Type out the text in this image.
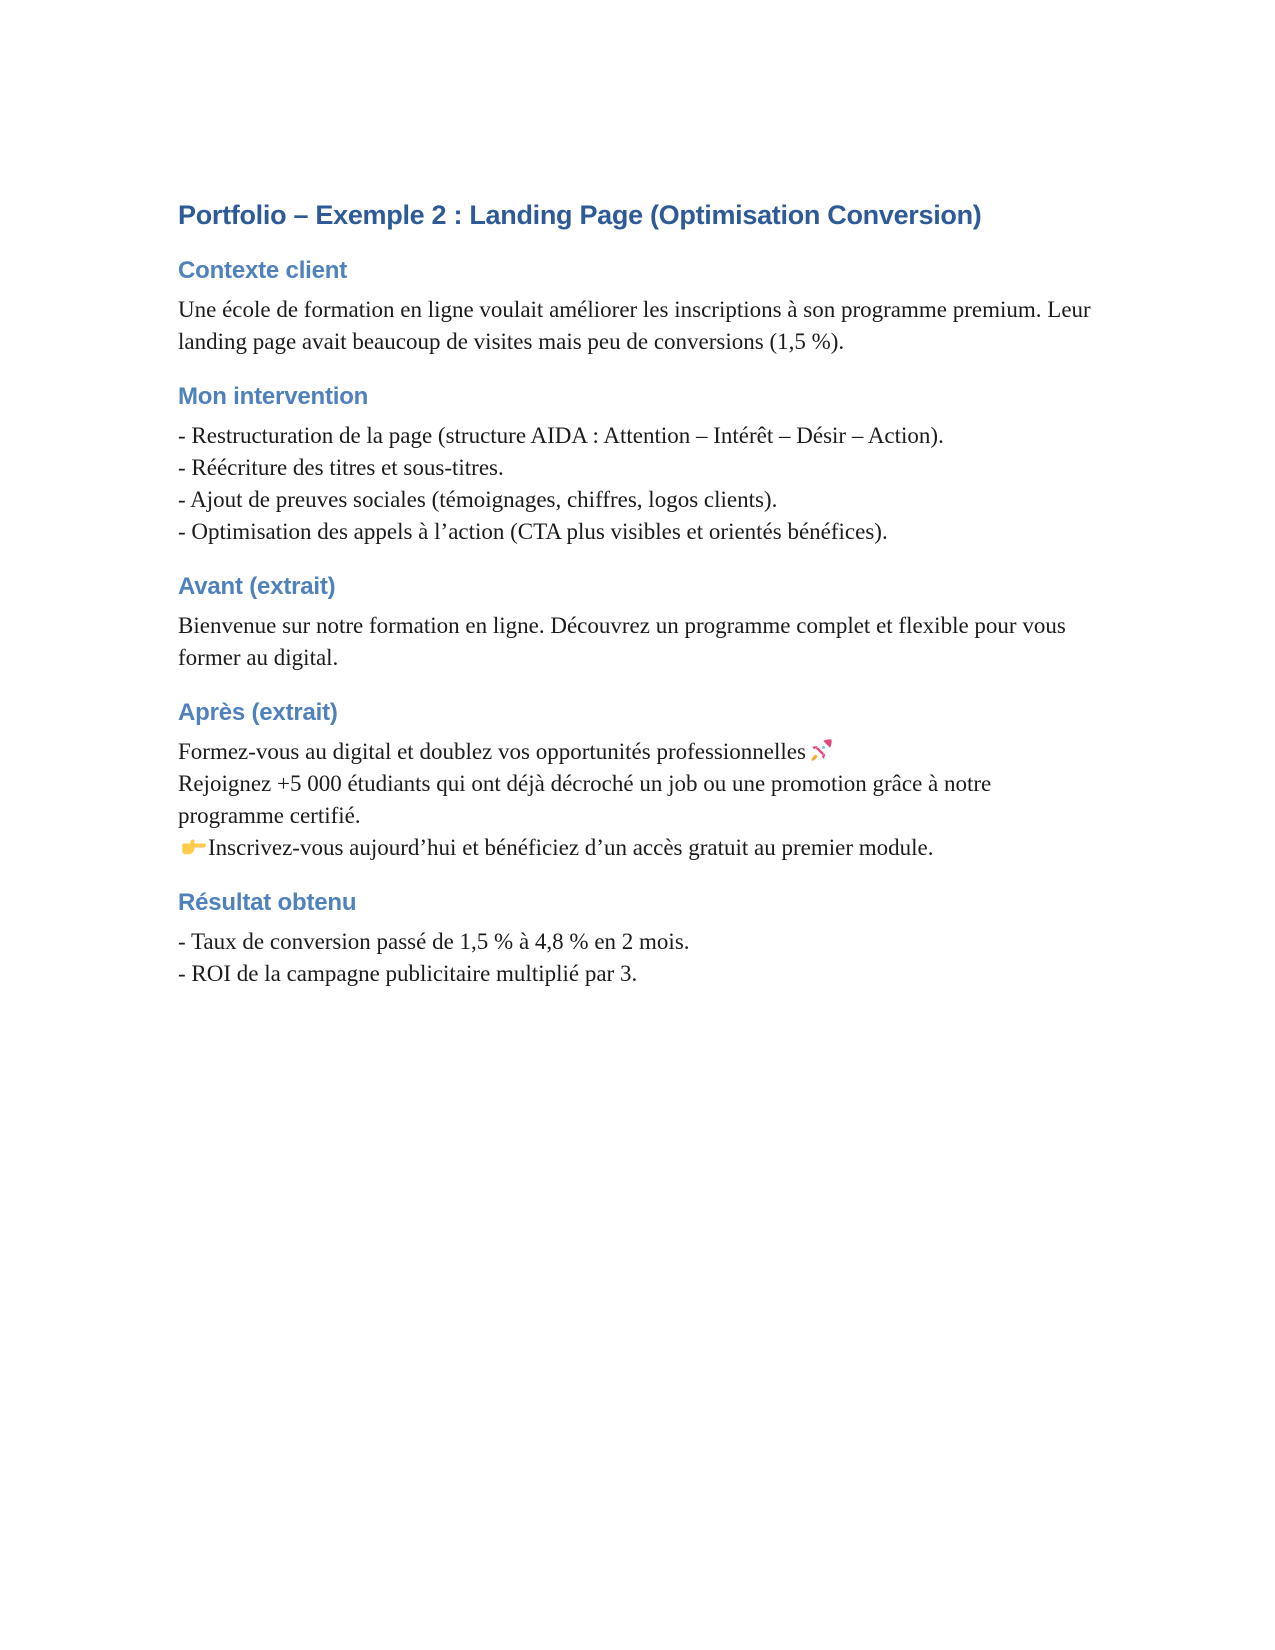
Portfolio – Exemple 2 : Landing Page (Optimisation Conversion)
Contexte client

Une école de formation en ligne voulait améliorer les inscriptions à son programme premium. Leur landing page avait beaucoup de visites mais peu de conversions (1,5 %).

Mon intervention

- Restructuration de la page (structure AIDA : Attention – Intérêt – Désir – Action).

- Réécriture des titres et sous-titres.

- Ajout de preuves sociales (témoignages, chiffres, logos clients).

- Optimisation des appels à l’action (CTA plus visibles et orientés bénéfices).

Avant (extrait)

Bienvenue sur notre formation en ligne. Découvrez un programme complet et flexible pour vous former au digital.

Après (extrait)

Formez-vous au digital et doublez vos opportunités professionnelles

Rejoignez +5 000 étudiants qui ont déjà décroché un job ou une promotion grâce à notre programme certifié.

Inscrivez-vous aujourd’hui et bénéficiez d’un accès gratuit au premier module.

Résultat obtenu

- Taux de conversion passé de 1,5 % à 4,8 % en 2 mois.

- ROI de la campagne publicitaire multiplié par 3.
